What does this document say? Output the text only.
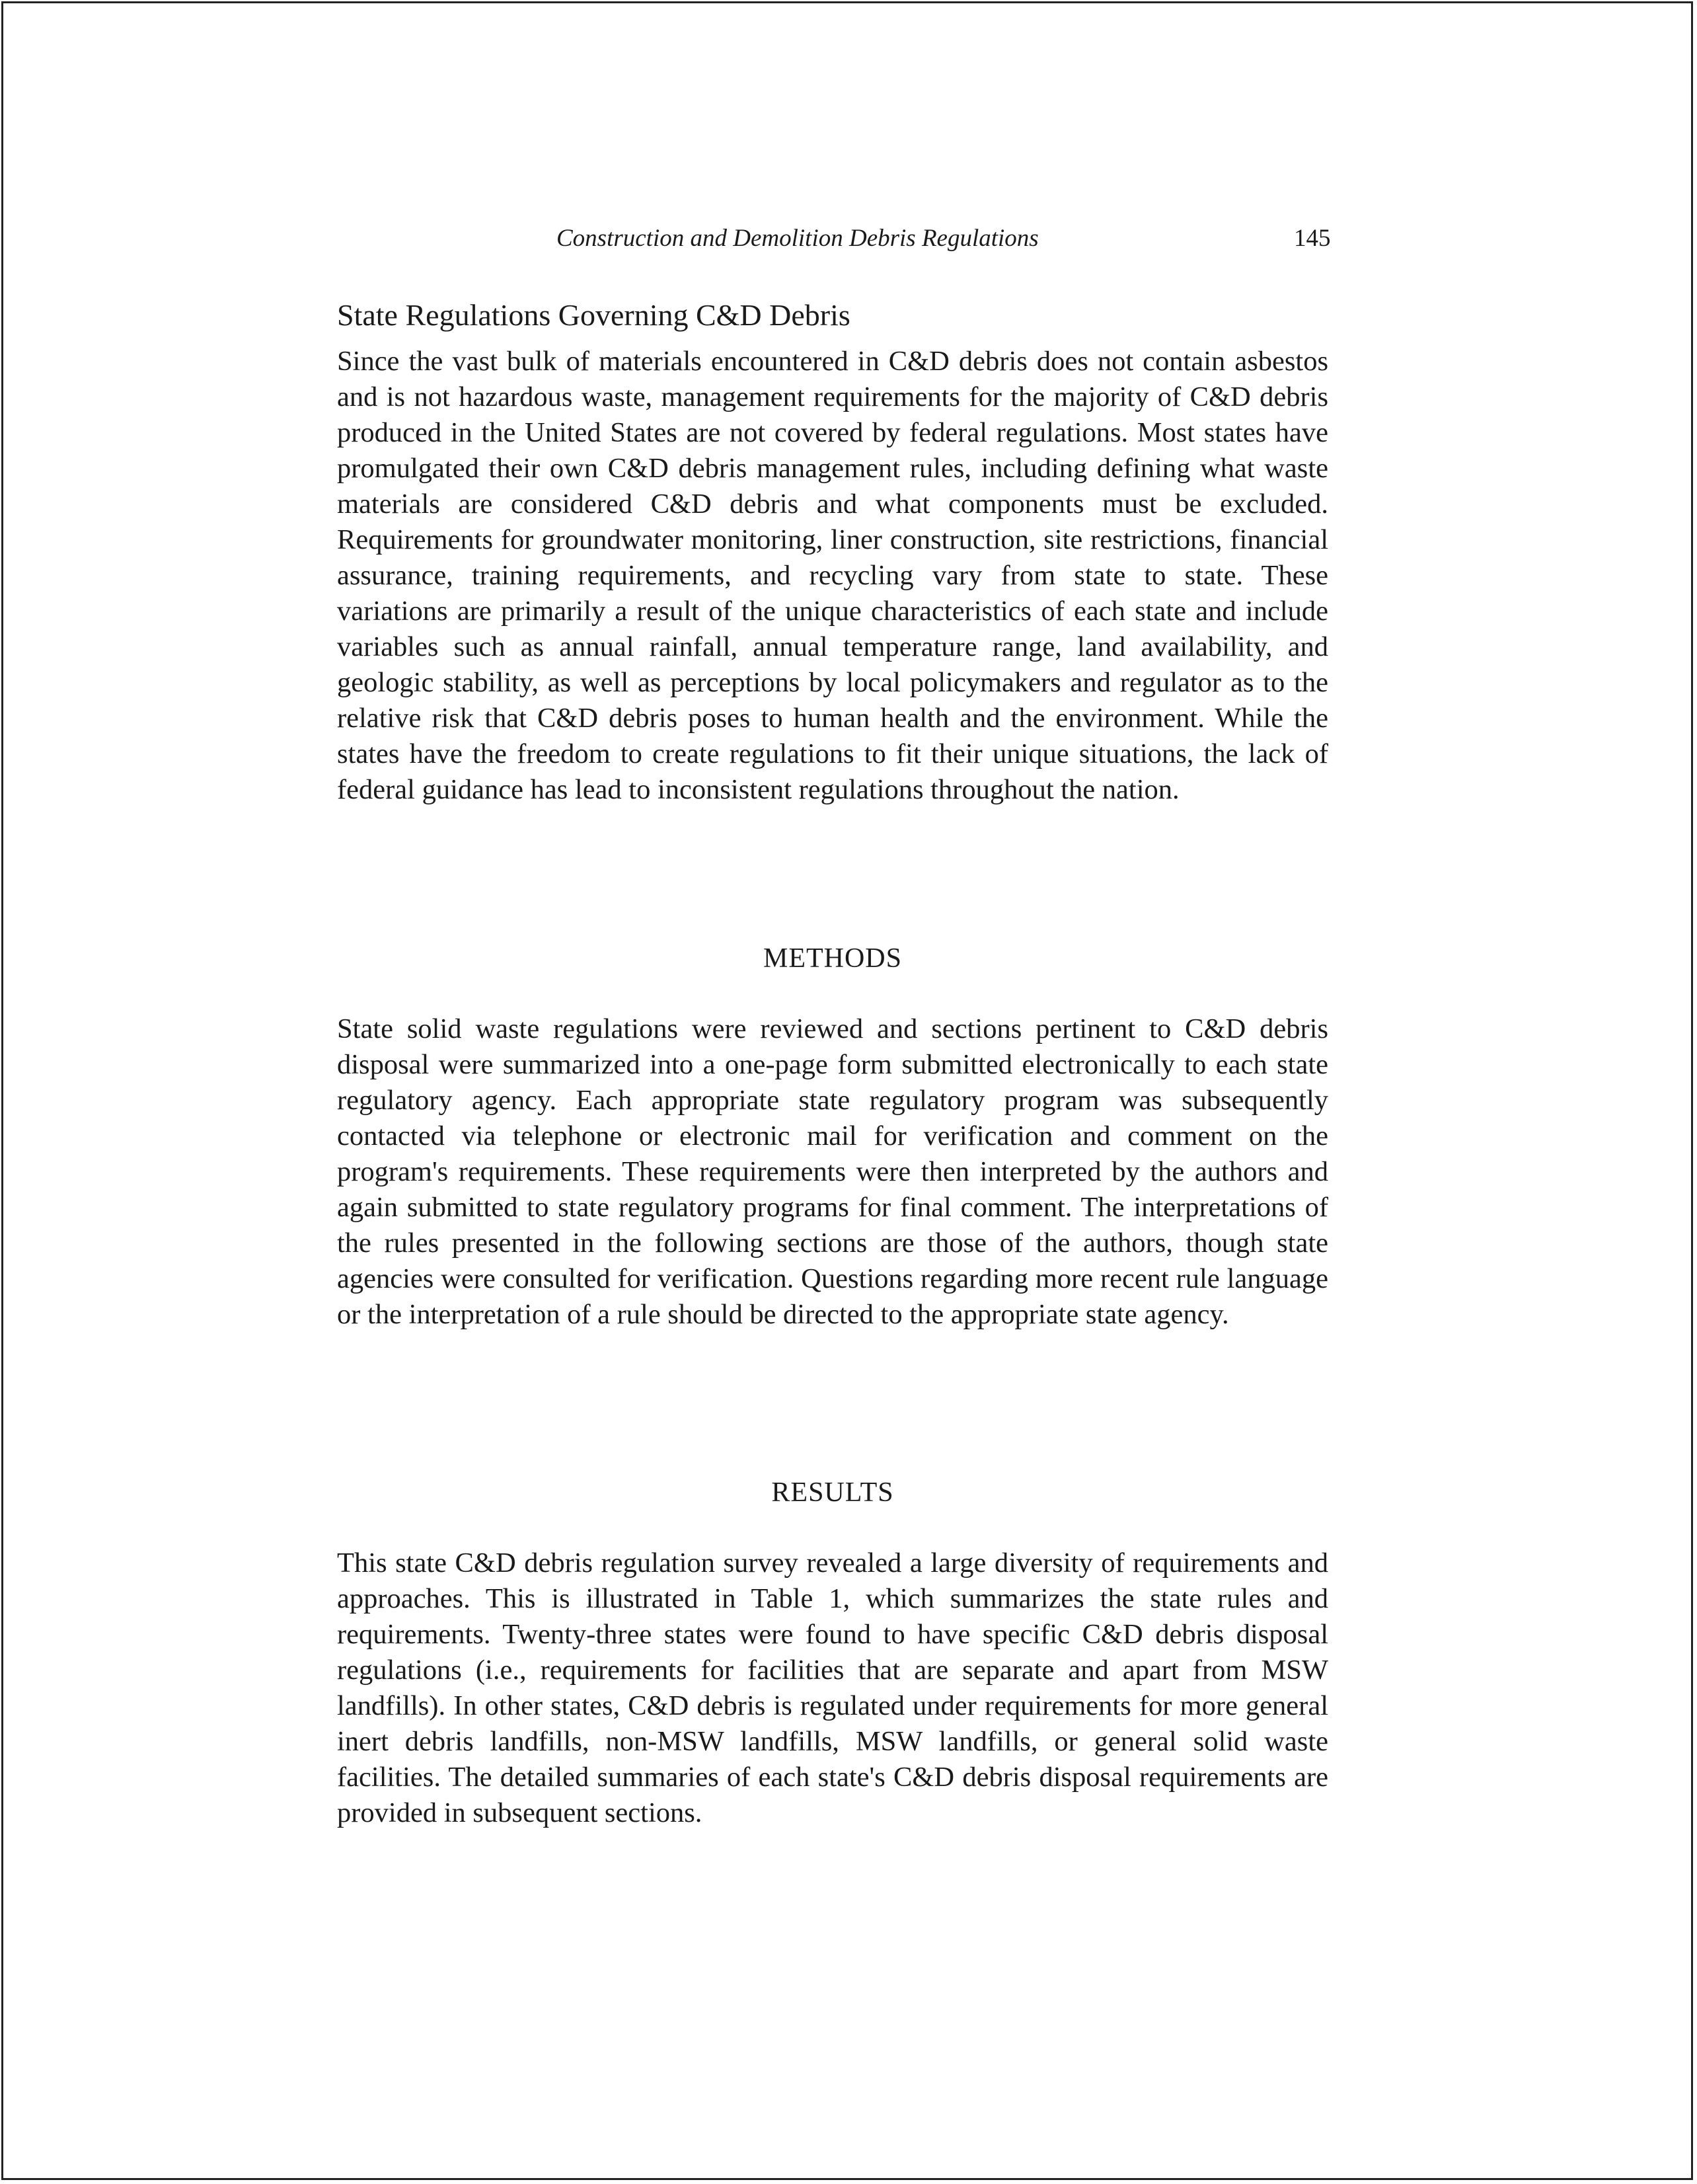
Construction and Demolition Debris Regulations	145
State Regulations Governing C&D Debris

Since the vast bulk of materials encountered in C&D debris does not contain asbestos and is not hazardous waste, management requirements for the majority of C&D debris produced in the United States are not covered by federal regulations. Most states have promulgated their own C&D debris management rules, including defining what waste materials are considered C&D debris and what components must be excluded. Requirements for groundwater monitoring, liner construction, site restrictions, financial assurance, training requirements, and recycling vary from state to state. These variations are primarily a result of the unique characteristics of each state and include variables such as annual rainfall, annual temperature range, land availability, and geologic stability, as well as perceptions by local policymakers and regulator as to the relative risk that C&D debris poses to human health and the environment. While the states have the freedom to create regulations to fit their unique situations, the lack of federal guidance has lead to inconsistent regulations throughout the nation.

METHODS

State solid waste regulations were reviewed and sections pertinent to C&D debris disposal were summarized into a one-page form submitted electronically to each state regulatory agency. Each appropriate state regulatory program was subsequently contacted via telephone or electronic mail for verification and comment on the program's requirements. These requirements were then interpreted by the authors and again submitted to state regulatory programs for final comment. The interpretations of the rules presented in the following sections are those of the authors, though state agencies were consulted for verification. Questions regarding more recent rule language or the interpretation of a rule should be directed to the appropriate state agency.

RESULTS

This state C&D debris regulation survey revealed a large diversity of requirements and approaches. This is illustrated in Table 1, which summarizes the state rules and requirements. Twenty-three states were found to have specific C&D debris disposal regulations (i.e., requirements for facilities that are separate and apart from MSW landfills). In other states, C&D debris is regulated under requirements for more general inert debris landfills, non-MSW landfills, MSW landfills, or general solid waste facilities. The detailed summaries of each state's C&D debris disposal requirements are provided in subsequent sections.
